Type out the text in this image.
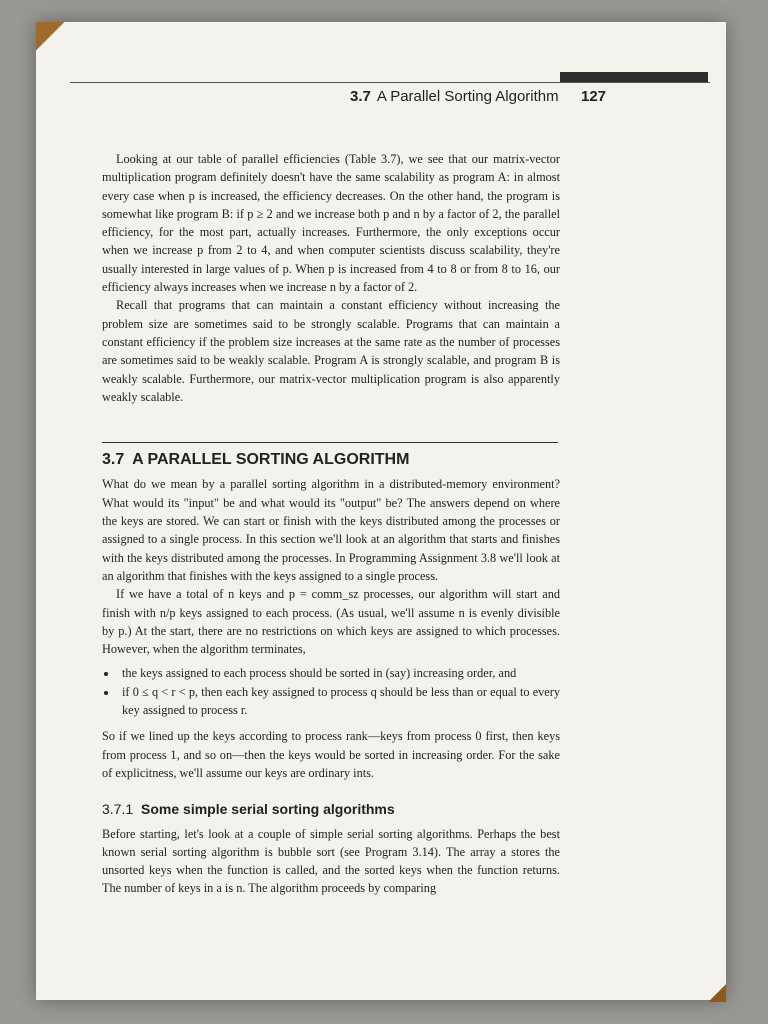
3.7 A Parallel Sorting Algorithm 127

Looking at our table of parallel efficiencies (Table 3.7), we see that our matrix-vector multiplication program definitely doesn't have the same scalability as program A: in almost every case when p is increased, the efficiency decreases. On the other hand, the program is somewhat like program B: if p ≥ 2 and we increase both p and n by a factor of 2, the parallel efficiency, for the most part, actually increases. Furthermore, the only exceptions occur when we increase p from 2 to 4, and when computer scientists discuss scalability, they're usually interested in large values of p. When p is increased from 4 to 8 or from 8 to 16, our efficiency always increases when we increase n by a factor of 2.

Recall that programs that can maintain a constant efficiency without increasing the problem size are sometimes said to be strongly scalable. Programs that can maintain a constant efficiency if the problem size increases at the same rate as the number of processes are sometimes said to be weakly scalable. Program A is strongly scalable, and program B is weakly scalable. Furthermore, our matrix-vector multiplication program is also apparently weakly scalable.

3.7 A PARALLEL SORTING ALGORITHM

What do we mean by a parallel sorting algorithm in a distributed-memory environment? What would its "input" be and what would its "output" be? The answers depend on where the keys are stored. We can start or finish with the keys distributed among the processes or assigned to a single process. In this section we'll look at an algorithm that starts and finishes with the keys distributed among the processes. In Programming Assignment 3.8 we'll look at an algorithm that finishes with the keys assigned to a single process.

If we have a total of n keys and p = comm_sz processes, our algorithm will start and finish with n/p keys assigned to each process. (As usual, we'll assume n is evenly divisible by p.) At the start, there are no restrictions on which keys are assigned to which processes. However, when the algorithm terminates,

• the keys assigned to each process should be sorted in (say) increasing order, and
• if 0 ≤ q < r < p, then each key assigned to process q should be less than or equal to every key assigned to process r.

So if we lined up the keys according to process rank—keys from process 0 first, then keys from process 1, and so on—then the keys would be sorted in increasing order. For the sake of explicitness, we'll assume our keys are ordinary ints.

3.7.1 Some simple serial sorting algorithms

Before starting, let's look at a couple of simple serial sorting algorithms. Perhaps the best known serial sorting algorithm is bubble sort (see Program 3.14). The array a stores the unsorted keys when the function is called, and the sorted keys when the function returns. The number of keys in a is n. The algorithm proceeds by comparing
